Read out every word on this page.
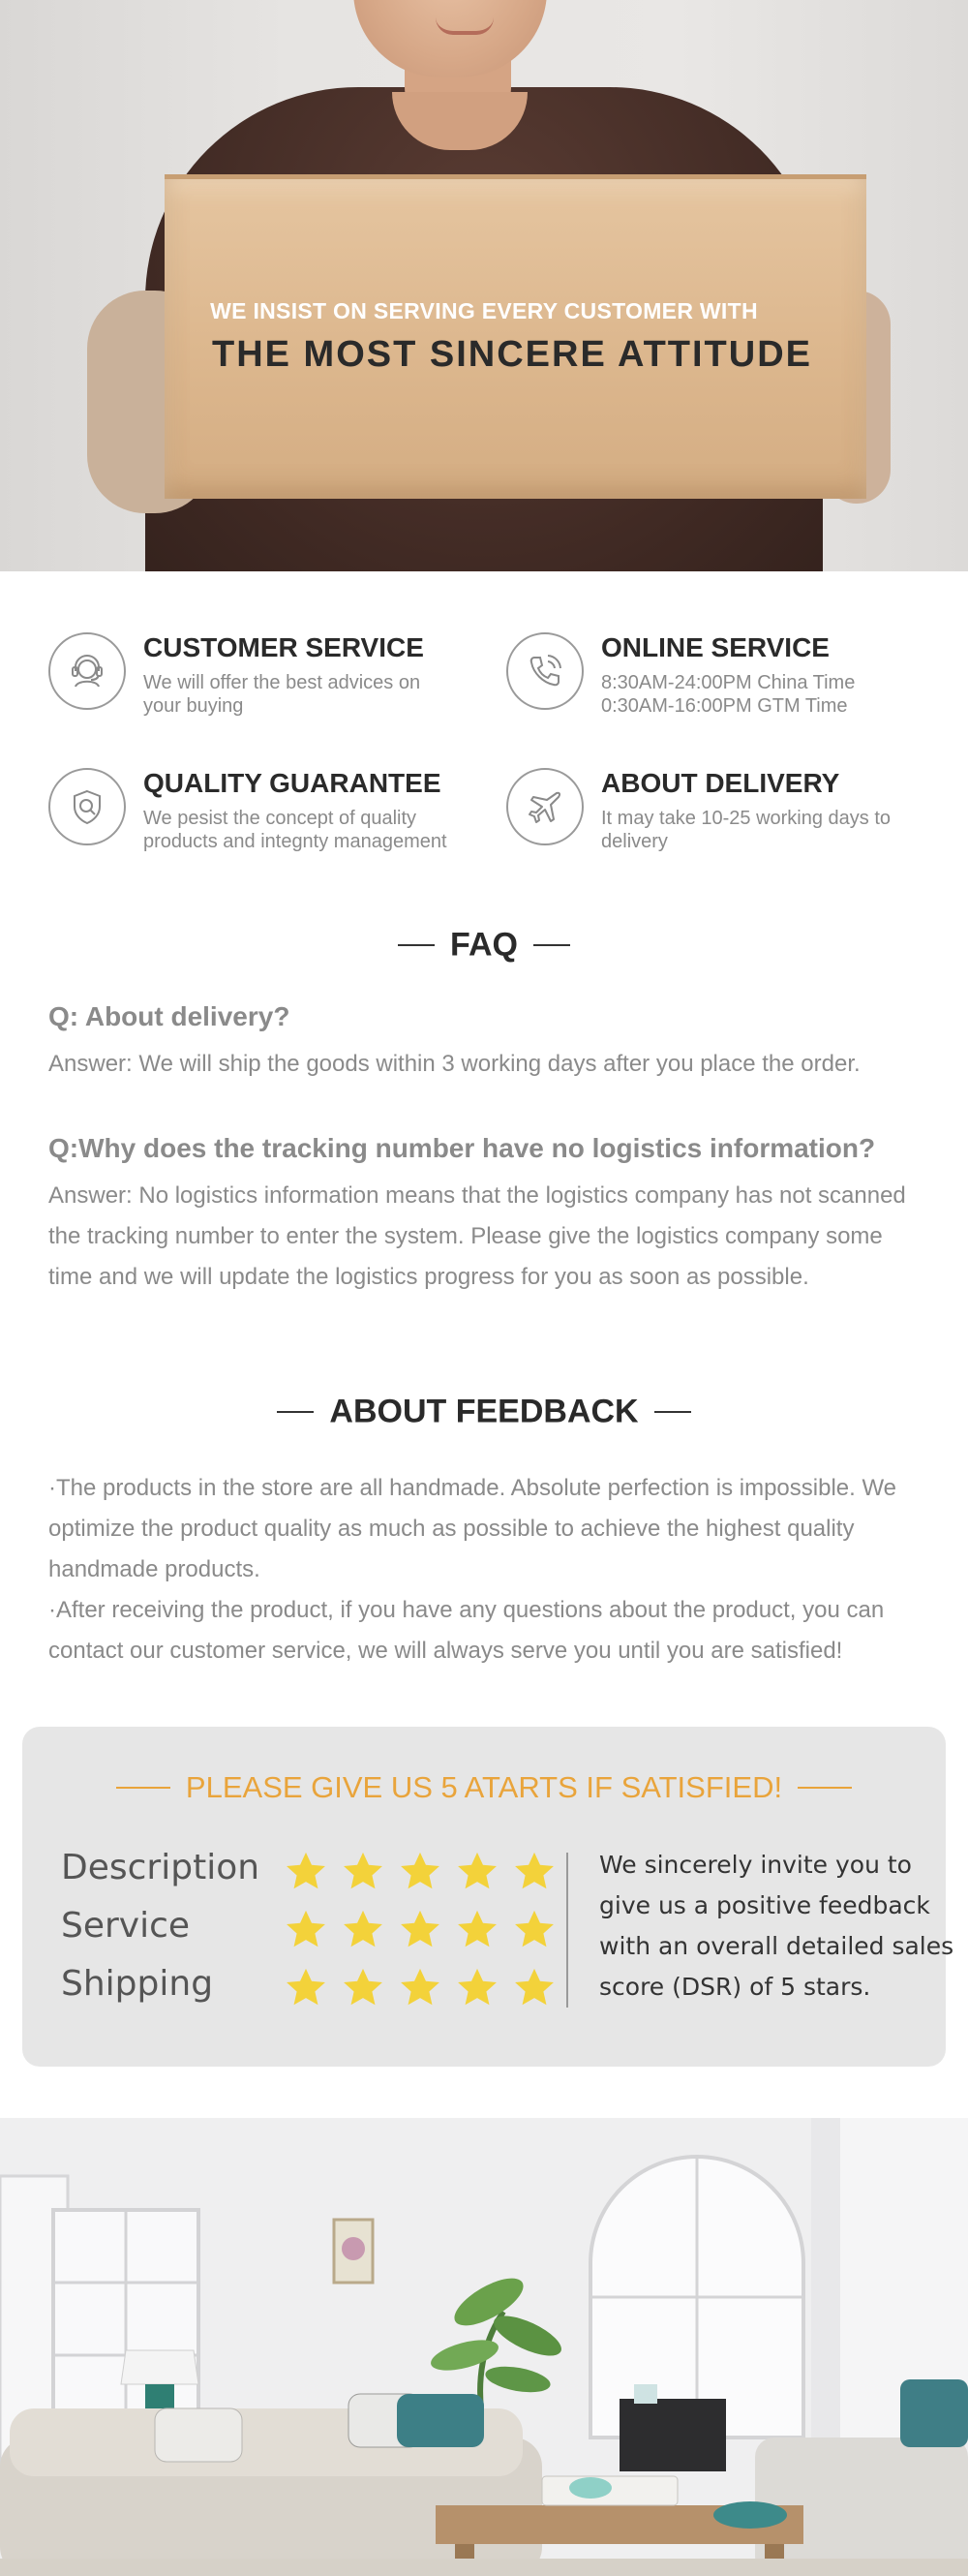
WE INSIST ON SERVING EVERY CUSTOMER WITH
THE MOST SINCERE ATTITUDE
CUSTOMER SERVICE
We will offer the best advices on
your buying
ONLINE SERVICE
8:30AM-24:00PM China Time
0:30AM-16:00PM GTM Time
QUALITY GUARANTEE
We pesist the concept of quality
products and integnty management
ABOUT DELIVERY
It may take 10-25 working days to
delivery
FAQ
Q: About delivery?
Answer: We will ship the goods within 3 working days after you place the order.
Q:Why does the tracking number have no logistics information?
Answer: No logistics information means that the logistics company has not scanned the tracking number to enter the system. Please give the logistics company some time and we will update the logistics progress for you as soon as possible.
ABOUT FEEDBACK
·The products in the store are all handmade. Absolute perfection is impossible. We optimize the product quality as much as possible to achieve the highest quality handmade products.
·After receiving the product, if you have any questions about the product, you can contact our customer service, we will always serve you until you are satisfied!
PLEASE GIVE US 5 ATARTS IF SATISFIED!
Description
Service
Shipping
We sincerely invite you to
give us a positive feedback
with an overall detailed sales
score (DSR) of 5 stars.
